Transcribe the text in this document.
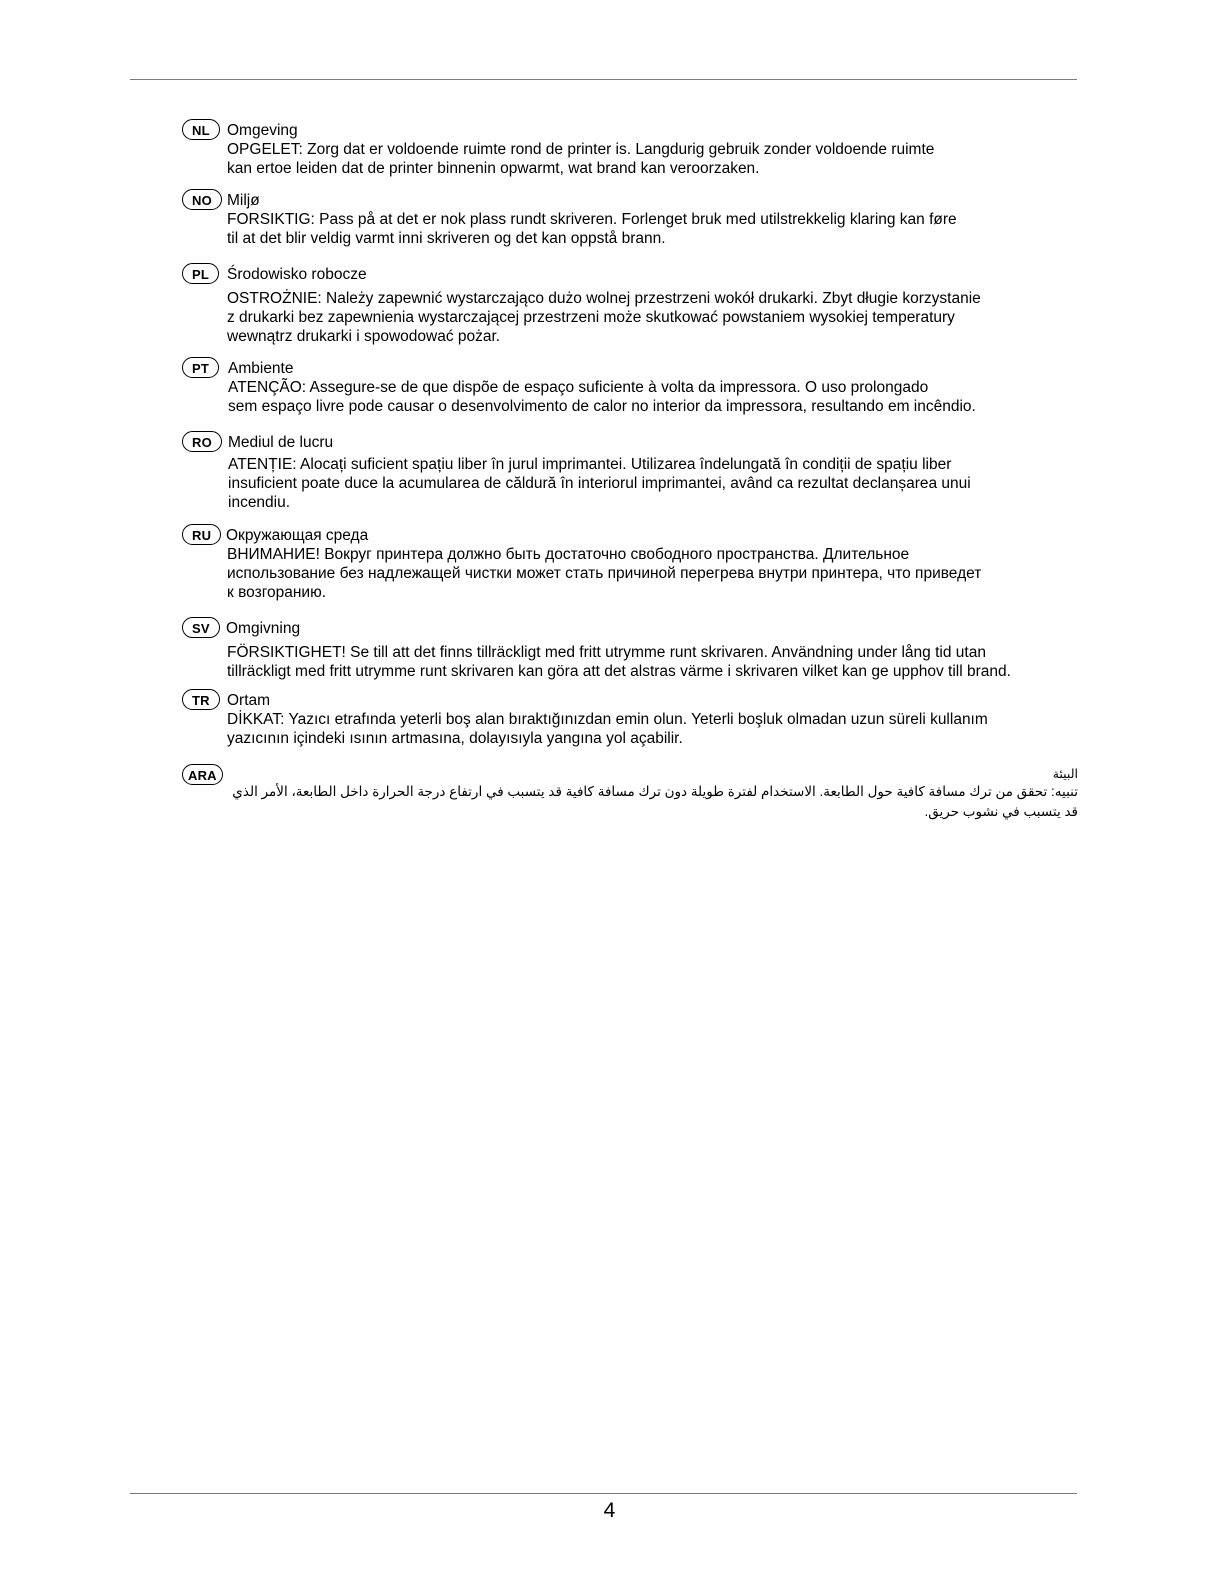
NL	Omgeving
OPGELET: Zorg dat er voldoende ruimte rond de printer is. Langdurig gebruik zonder voldoende ruimte
kan ertoe leiden dat de printer binnenin opwarmt, wat brand kan veroorzaken.
NO Miljø
FORSIKTIG: Pass på at det er nok plass rundt skriveren. Forlenget bruk med utilstrekkelig klaring kan føre
til at det blir veldig varmt inni skriveren og det kan oppstå brann.
PL	Środowisko robocze
OSTROŻNIE: Należy zapewnić wystarczająco dużo wolnej przestrzeni wokół drukarki. Zbyt długie korzystanie
z drukarki bez zapewnienia wystarczającej przestrzeni może skutkować powstaniem wysokiej temperatury
wewnątrz drukarki i spowodować pożar.
PT	Ambiente
ATENÇÃO: Assegure-se de que dispõe de espaço suficiente à volta da impressora. O uso prolongado
sem espaço livre pode causar o desenvolvimento de calor no interior da impressora, resultando em incêndio.
RO	Mediul de lucru
ATENȚIE: Alocați suficient spațiu liber în jurul imprimantei. Utilizarea îndelungată în condiții de spațiu liber
insuficient poate duce la acumularea de căldură în interiorul imprimantei, având ca rezultat declanșarea unui
incendiu.
RU Окружающая среда
ВНИМАНИЕ! Вокруг принтера должно быть достаточно свободного пространства. Длительное
использование без надлежащей чистки может стать причиной перегрева внутри принтера, что приведет
к возгоранию.
SV	Omgivning
FÖRSIKTIGHET! Se till att det finns tillräckligt med fritt utrymme runt skrivaren. Användning under lång tid utan
tillräckligt med fritt utrymme runt skrivaren kan göra att det alstras värme i skrivaren vilket kan ge upphov till brand.
TR	Ortam
DİKKAT: Yazıcı etrafında yeterli boş alan bıraktığınızdan emin olun. Yeterli boşluk olmadan uzun süreli kullanım
yazıcının içindeki ısının artmasına, dolayısıyla yangına yol açabilir.
ARA	البيئة
تنبيه: تحقق من ترك مسافة كافية حول الطابعة. الاستخدام لفترة طويلة دون ترك مسافة كافية قد يتسبب في ارتفاع درجة الحرارة داخل الطابعة، الأمر الذي
قد يتسبب في نشوب حريق.
4
